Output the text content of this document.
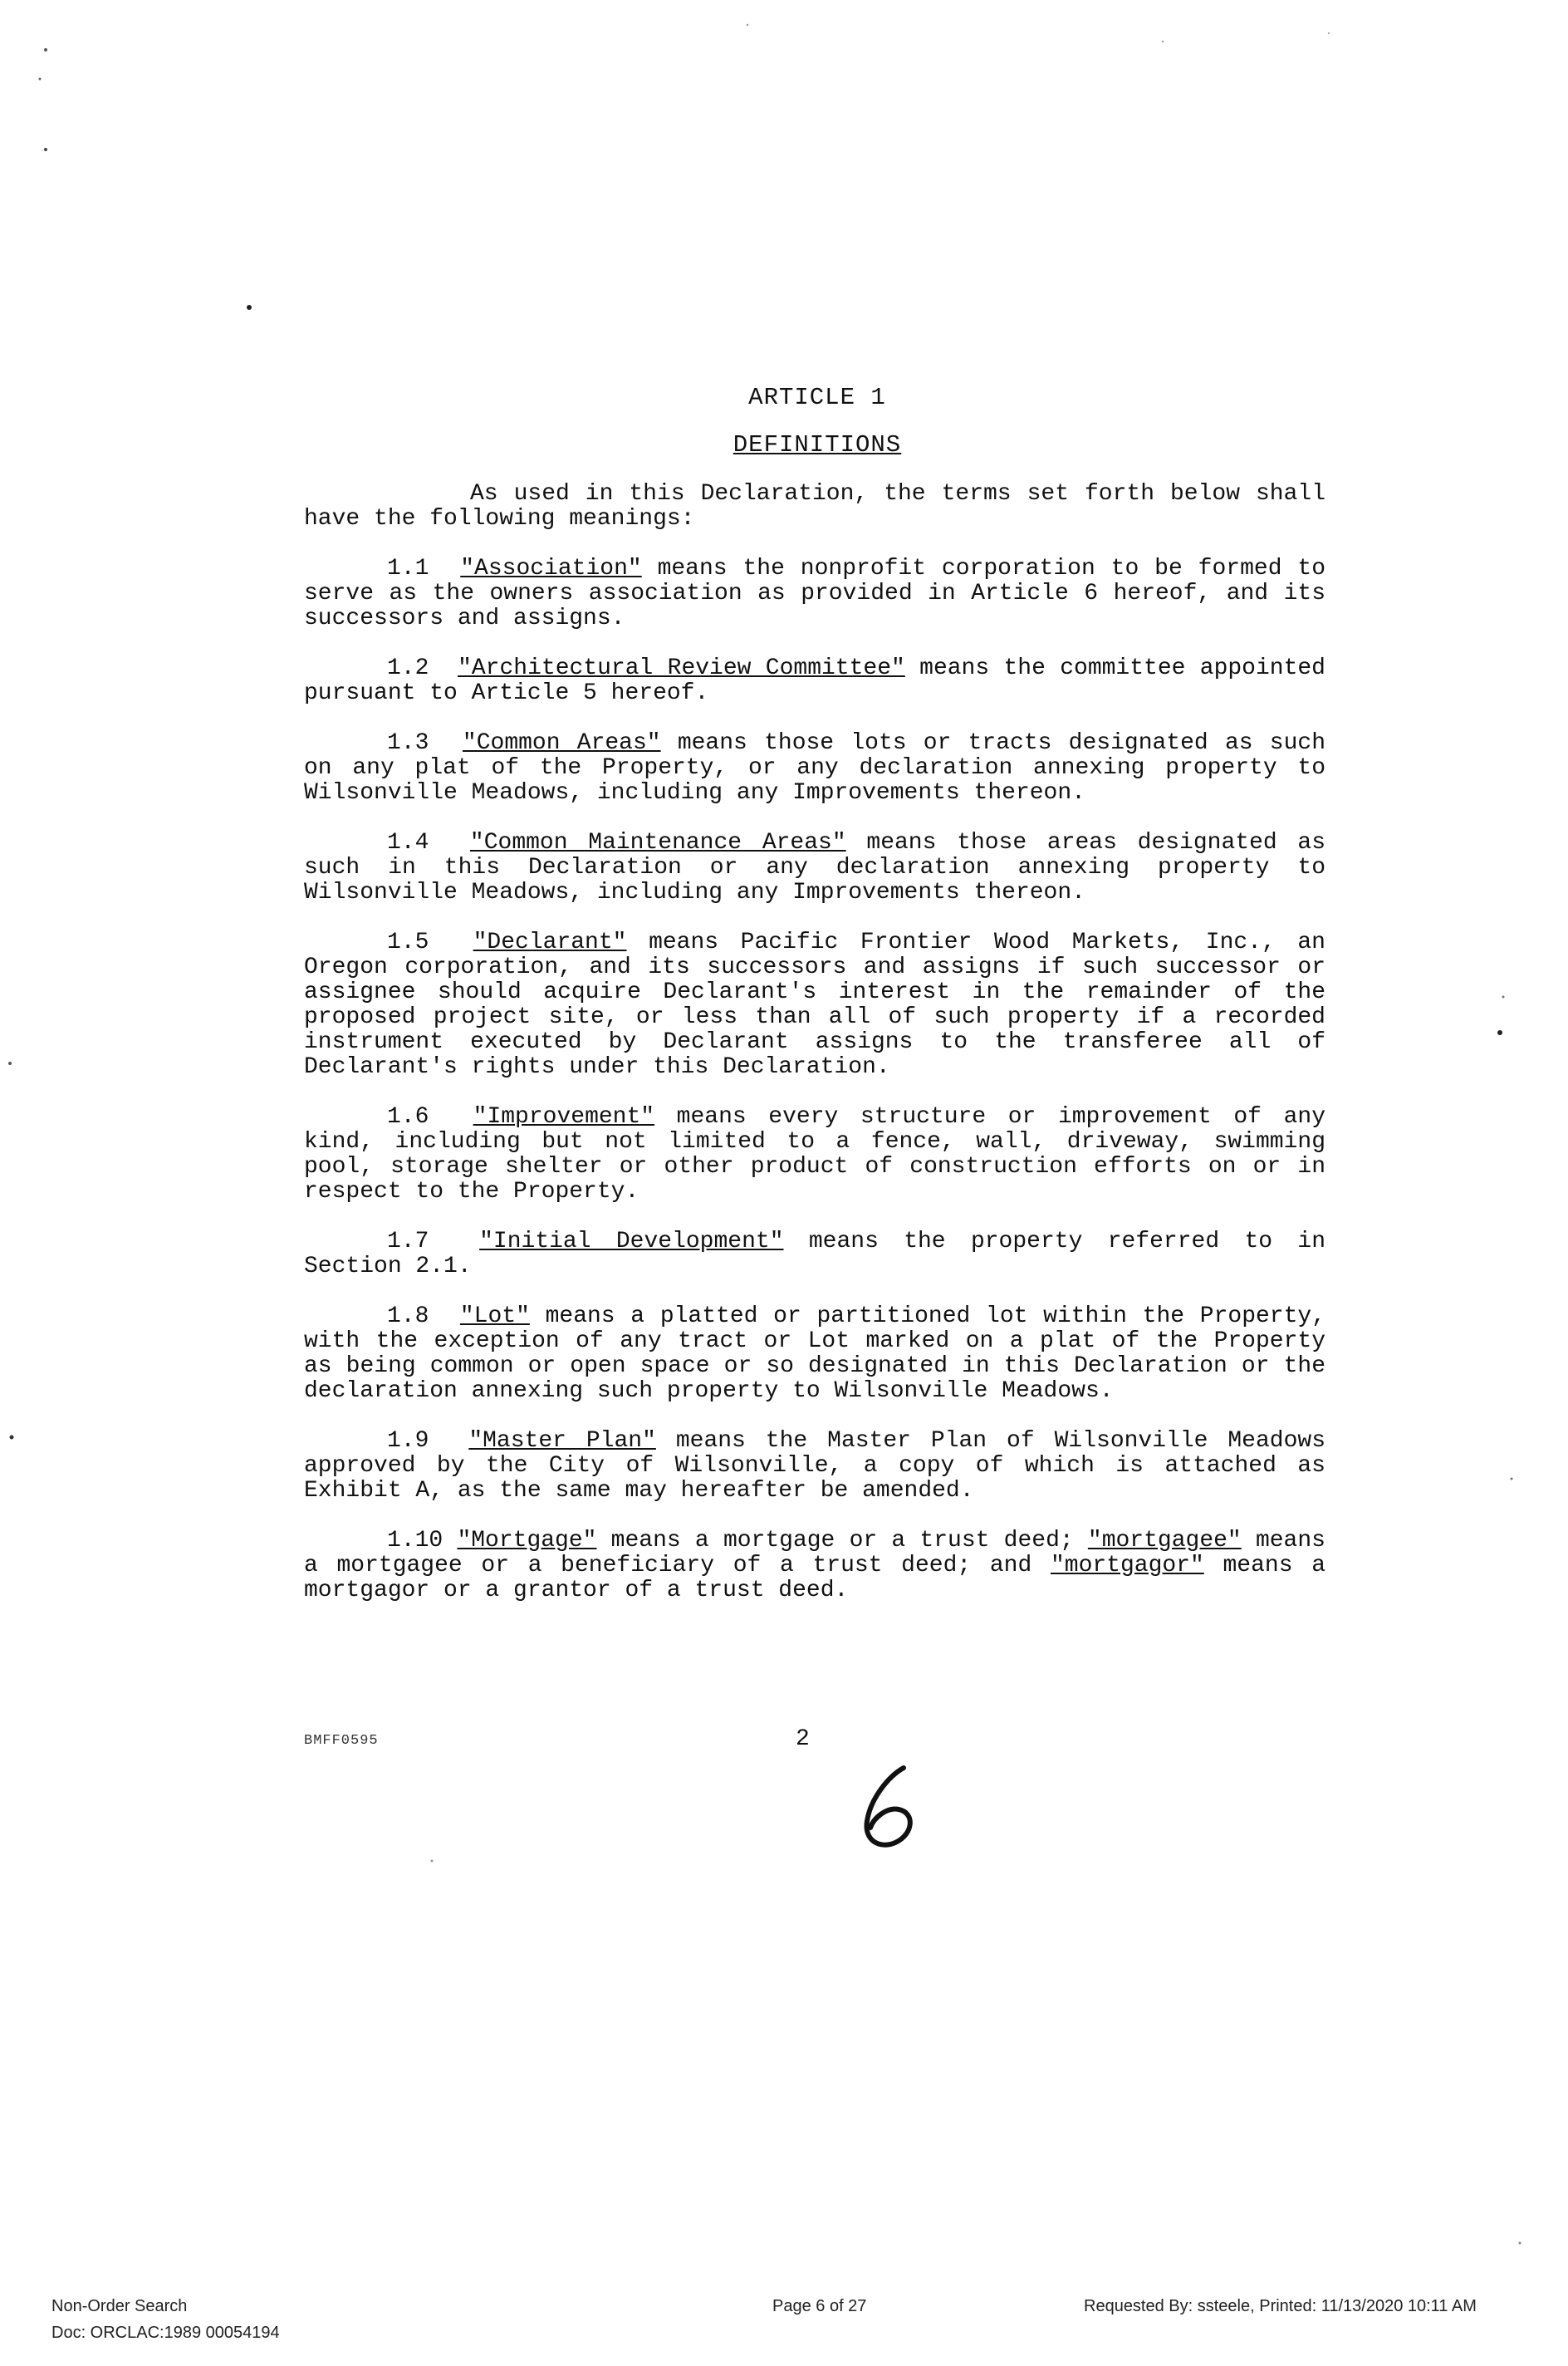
ARTICLE 1
DEFINITIONS

As used in this Declaration, the terms set forth below shall have the following meanings:

1.1 "Association" means the nonprofit corporation to be formed to serve as the owners association as provided in Article 6 hereof, and its successors and assigns.

1.2 "Architectural Review Committee" means the committee appointed pursuant to Article 5 hereof.

1.3 "Common Areas" means those lots or tracts designated as such on any plat of the Property, or any declaration annexing property to Wilsonville Meadows, including any Improvements thereon.

1.4 "Common Maintenance Areas" means those areas designated as such in this Declaration or any declaration annexing property to Wilsonville Meadows, including any Improvements thereon.

1.5 "Declarant" means Pacific Frontier Wood Markets, Inc., an Oregon corporation, and its successors and assigns if such successor or assignee should acquire Declarant's interest in the remainder of the proposed project site, or less than all of such property if a recorded instrument executed by Declarant assigns to the transferee all of Declarant's rights under this Declaration.

1.6 "Improvement" means every structure or improvement of any kind, including but not limited to a fence, wall, driveway, swimming pool, storage shelter or other product of construction efforts on or in respect to the Property.

1.7 "Initial Development" means the property referred to in Section 2.1.

1.8 "Lot" means a platted or partitioned lot within the Property, with the exception of any tract or Lot marked on a plat of the Property as being common or open space or so designated in this Declaration or the declaration annexing such property to Wilsonville Meadows.

1.9 "Master Plan" means the Master Plan of Wilsonville Meadows approved by the City of Wilsonville, a copy of which is attached as Exhibit A, as the same may hereafter be amended.

1.10 "Mortgage" means a mortgage or a trust deed; "mortgagee" means a mortgagee or a beneficiary of a trust deed; and "mortgagor" means a mortgagor or a grantor of a trust deed.

BMFF0595	2
Non-Order Search
Doc: ORCLAC:1989 00054194
Page 6 of 27	Requested By: ssteele, Printed: 11/13/2020 10:11 AM
